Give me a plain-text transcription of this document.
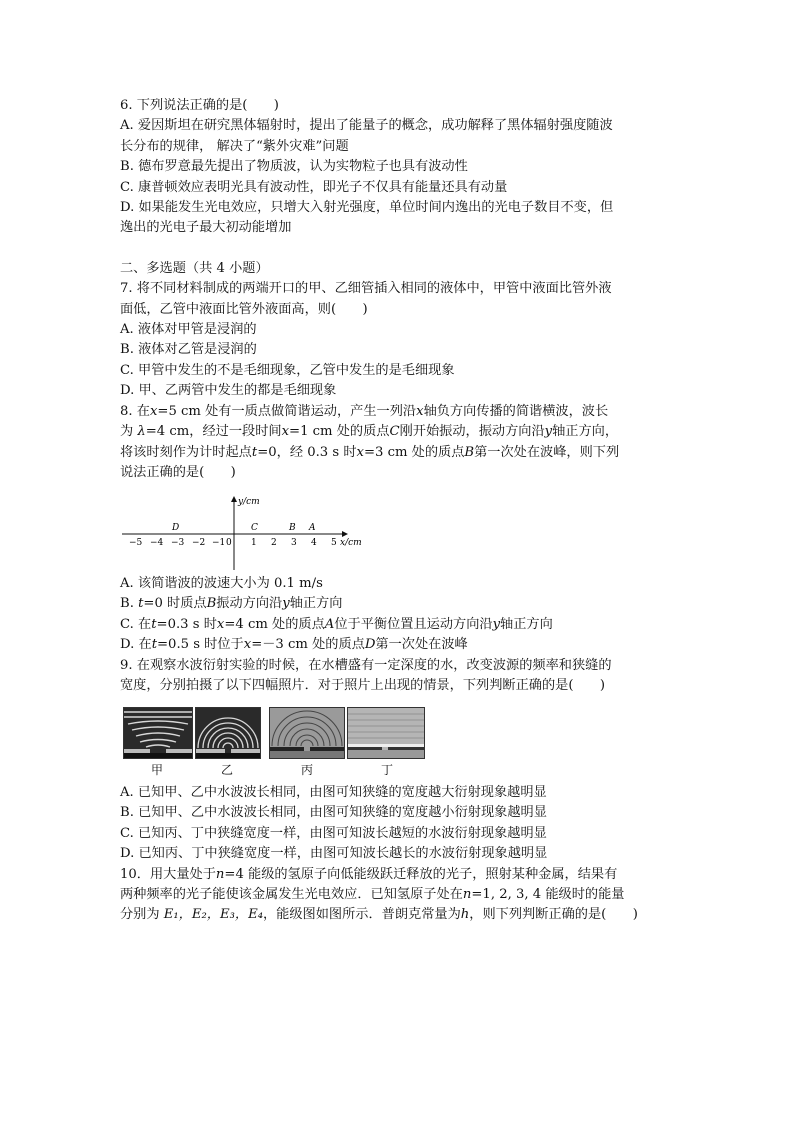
6. 下列说法正确的是(　　)
A. 爱因斯坦在研究黑体辐射时，提出了能量子的概念，成功解释了黑体辐射强度随波
长分布的规律， 解决了“紫外灾难”问题
B. 德布罗意最先提出了物质波，认为实物粒子也具有波动性
C. 康普顿效应表明光具有波动性，即光子不仅具有能量还具有动量
D. 如果能发生光电效应，只增大入射光强度，单位时间内逸出的光电子数目不变，但
逸出的光电子最大初动能增加
二、多选题（共 4 小题）
7. 将不同材料制成的两端开口的甲、乙细管插入相同的液体中，甲管中液面比管外液
面低，乙管中液面比管外液面高，则(　　)
A. 液体对甲管是浸润的
B. 液体对乙管是浸润的
C. 甲管中发生的不是毛细现象，乙管中发生的是毛细现象
D. 甲、乙两管中发生的都是毛细现象
8. 在x=5 cm 处有一质点做简谐运动，产生一列沿x轴负方向传播的简谐横波，波长
为 λ=4 cm，经过一段时间x=1 cm 处的质点C刚开始振动，振动方向沿y轴正方向，
将该时刻作为计时起点t=0，经 0.3 s 时x=3 cm 处的质点B第一次处在波峰，则下列
说法正确的是(　　)
y/cm
x/cm
0
−5 −4 −3 −2 −1	1 2 3 4 5
D	C	B A
A. 该简谐波的波速大小为 0.1 m/s
B. t=0 时质点B振动方向沿y轴正方向
C. 在t=0.3 s 时x=4 cm 处的质点A位于平衡位置且运动方向沿y轴正方向
D. 在t=0.5 s 时位于x=－3 cm 处的质点D第一次处在波峰
9. 在观察水波衍射实验的时候，在水槽盛有一定深度的水，改变波源的频率和狭缝的
宽度，分别拍摄了以下四幅照片．对于照片上出现的情景，下列判断正确的是(　　)
甲	乙	丙	丁
A. 已知甲、乙中水波波长相同，由图可知狭缝的宽度越大衍射现象越明显
B. 已知甲、乙中水波波长相同，由图可知狭缝的宽度越小衍射现象越明显
C. 已知丙、丁中狭缝宽度一样，由图可知波长越短的水波衍射现象越明显
D. 已知丙、丁中狭缝宽度一样，由图可知波长越长的水波衍射现象越明显
10．用大量处于n=4 能级的氢原子向低能级跃迁释放的光子，照射某种金属，结果有
两种频率的光子能使该金属发生光电效应．已知氢原子处在n=1, 2, 3, 4 能级时的能量
分别为 E₁，E₂，E₃，E₄，能级图如图所示．普朗克常量为h，则下列判断正确的是(　　)
